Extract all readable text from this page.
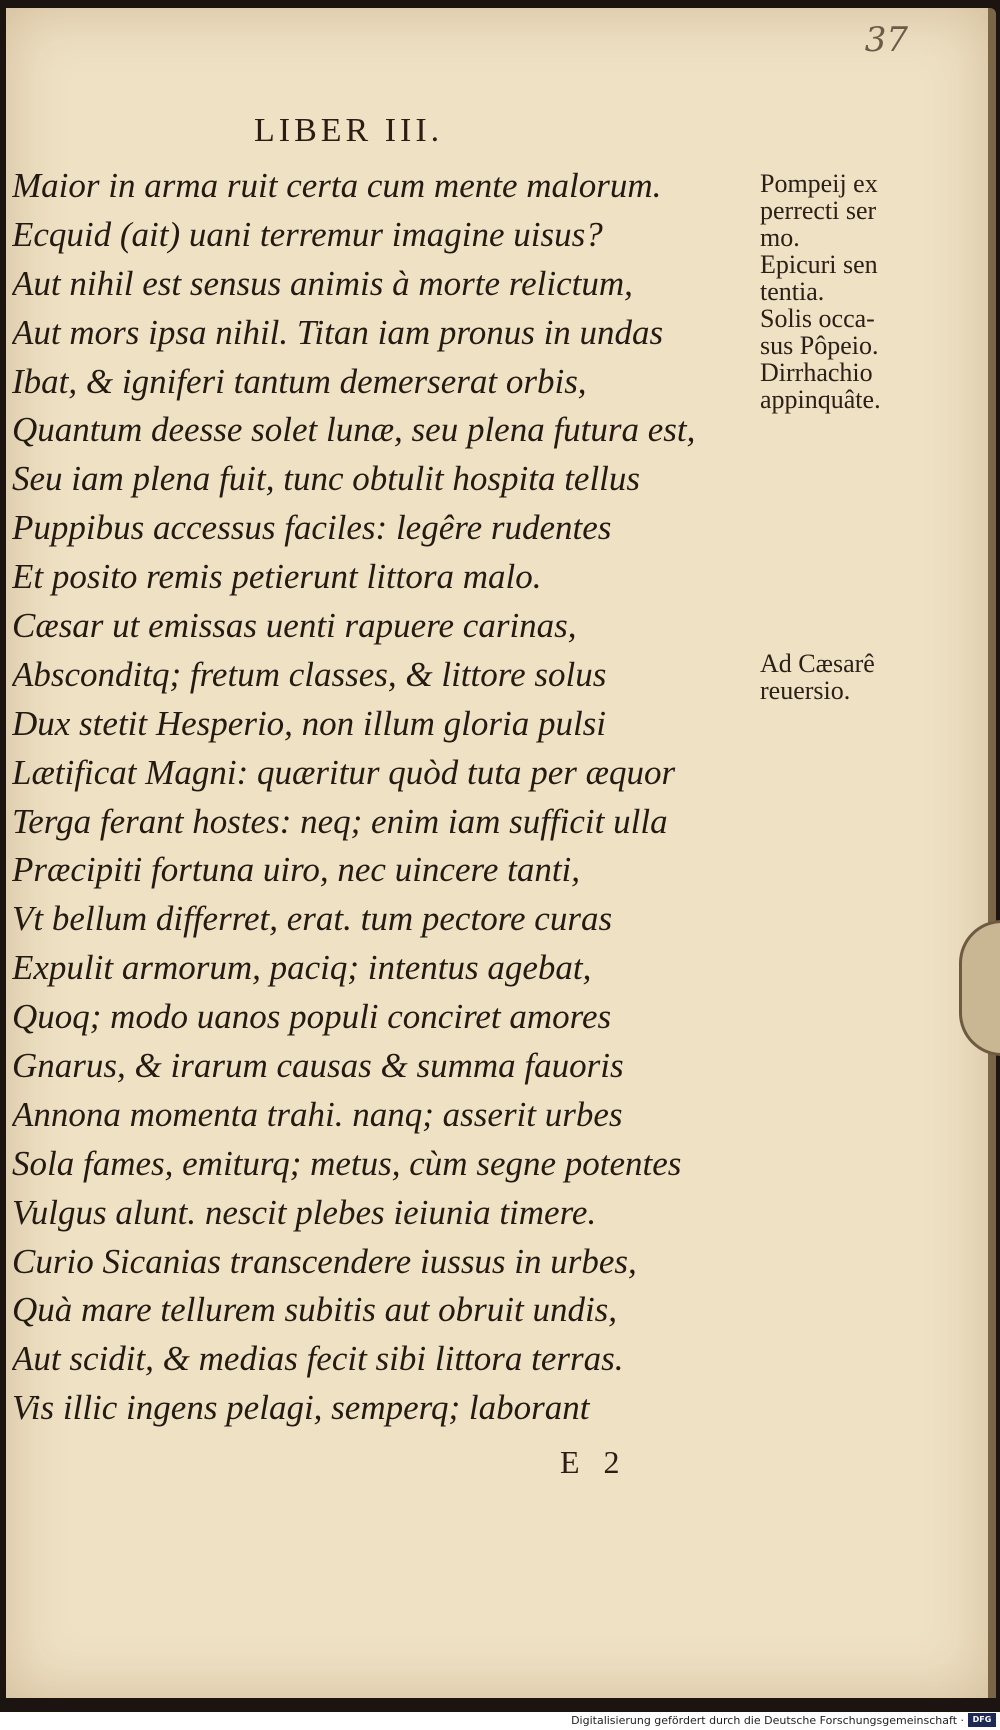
37
LIBER III.
Maior in arma ruit certa cum mente malorum.
Ecquid (ait) uani terremur imagine uisus?
Aut nihil est sensus animis à morte relictum,
Aut mors ipsa nihil. Titan iam pronus in undas
Ibat, & igniferi tantum demerserat orbis,
Quantum deesse solet lunæ, seu plena futura est,
Seu iam plena fuit, tunc obtulit hospita tellus
Puppibus accessus faciles: legêre rudentes
Et posito remis petierunt littora malo.
Cæsar ut emissas uenti rapuere carinas,
Absconditq; fretum classes, & littore solus
Dux stetit Hesperio, non illum gloria pulsi
Lætificat Magni: quæritur quòd tuta per æquor
Terga ferant hostes: neq; enim iam sufficit ulla
Præcipiti fortuna uiro, nec uincere tanti,
Vt bellum differret, erat. tum pectore curas
Expulit armorum, paciq; intentus agebat,
Quoq; modo uanos populi conciret amores
Gnarus, & irarum causas & summa fauoris
Annona momenta trahi. nanq; asserit urbes
Sola fames, emiturq; metus, cùm segne potentes
Vulgus alunt. nescit plebes ieiunia timere.
Curio Sicanias transcendere iussus in urbes,
Quà mare tellurem subitis aut obruit undis,
Aut scidit, & medias fecit sibi littora terras.
Vis illic ingens pelagi, semperq; laborant
Pompeij ex
perrecti ser
mo.
Epicuri sen
tentia.
Solis occa-
sus Pôpeio.
Dirrhachio
appinquâte.
Ad Cæsarê
reuersio.
E 2
Digitalisierung gefördert durch die Deutsche Forschungsgemeinschaft ·	DFG
